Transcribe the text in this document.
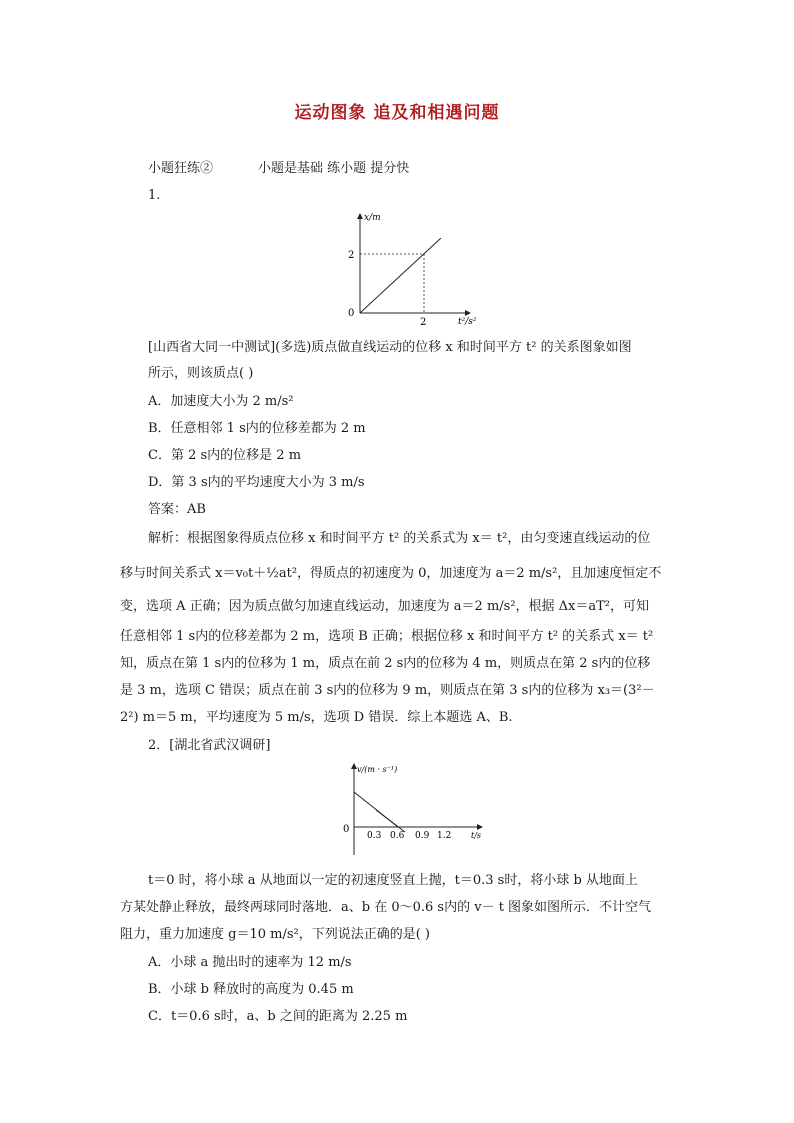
运动图象 追及和相遇问题
小题狂练②	小题是基础 练小题 提分快
1.
x/m
t²/s²
0
2
2
[山西省大同一中测试](多选)质点做直线运动的位移 x 和时间平方 t² 的关系图象如图
所示，则该质点( )
A．加速度大小为 2 m/s²
B．任意相邻 1 s内的位移差都为 2 m
C．第 2 s内的位移是 2 m
D．第 3 s内的平均速度大小为 3 m/s
答案：AB
解析：根据图象得质点位移 x 和时间平方 t² 的关系式为 x＝ t²，由匀变速直线运动的位
移与时间关系式 x＝v₀t＋½at²，得质点的初速度为 0，加速度为 a＝2 m/s²，且加速度恒定不
变，选项 A 正确；因为质点做匀加速直线运动，加速度为 a＝2 m/s²，根据 Δx＝aT²，可知
任意相邻 1 s内的位移差都为 2 m，选项 B 正确；根据位移 x 和时间平方 t² 的关系式 x＝ t²
知，质点在第 1 s内的位移为 1 m，质点在前 2 s内的位移为 4 m，则质点在第 2 s内的位移
是 3 m，选项 C 错误；质点在前 3 s内的位移为 9 m，则质点在第 3 s内的位移为 x₃＝(3²－
2²) m＝5 m，平均速度为 5 m/s，选项 D 错误．综上本题选 A、B.
2．[湖北省武汉调研]
v/(m · s⁻¹)
t/s
0
0.3 0.6 0.9 1.2
t＝0 时，将小球 a 从地面以一定的初速度竖直上抛，t＝0.3 s时，将小球 b 从地面上
方某处静止释放，最终两球同时落地．a、b 在 0～0.6 s内的 v－ t 图象如图所示．不计空气
阻力，重力加速度 g＝10 m/s²，下列说法正确的是( )
A．小球 a 抛出时的速率为 12 m/s
B．小球 b 释放时的高度为 0.45 m
C．t＝0.6 s时，a、b 之间的距离为 2.25 m
